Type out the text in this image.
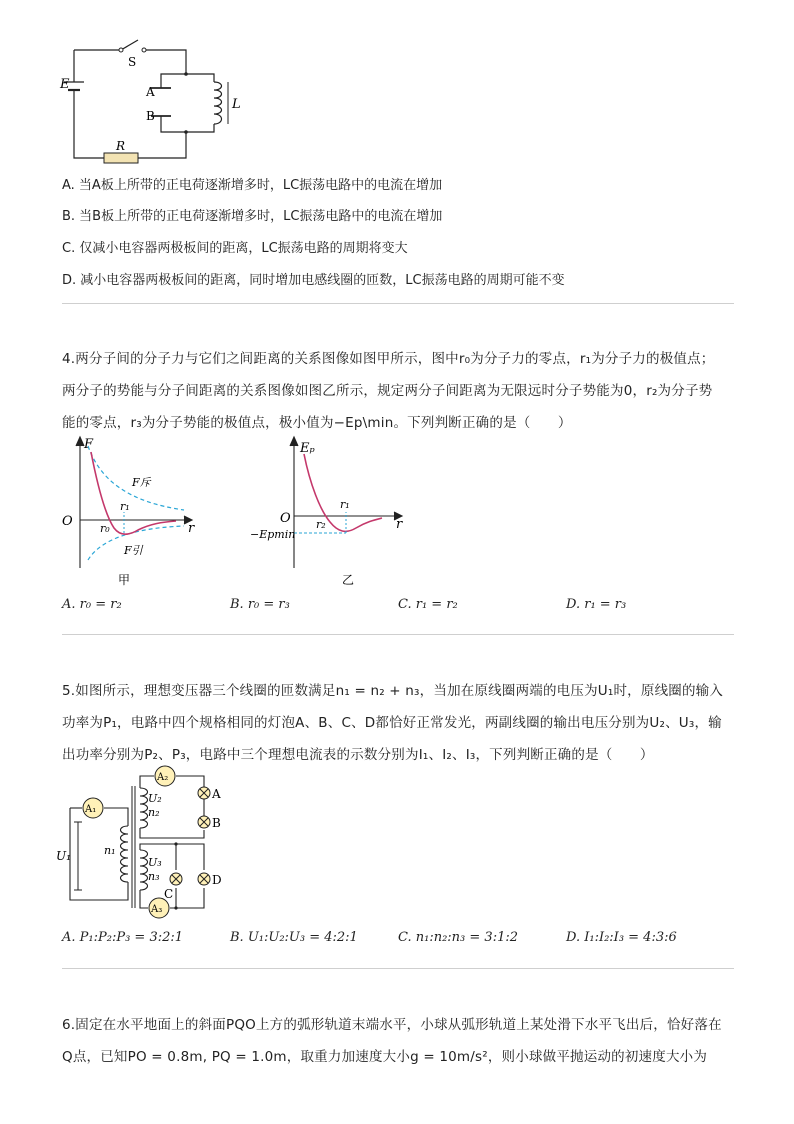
E
S
A
B
L
R
A. 当A板上所带的正电荷逐渐增多时，LC振荡电路中的电流在增加
B. 当B板上所带的正电荷逐渐增多时，LC振荡电路中的电流在增加
C. 仅减小电容器两极板间的距离，LC振荡电路的周期将变大
D. 减小电容器两极板间的距离，同时增加电感线圈的匝数，LC振荡电路的周期可能不变
4.两分子间的分子力与它们之间距离的关系图像如图甲所示，图中r₀为分子力的零点，r₁为分子力的极值点；
两分子的势能与分子间距离的关系图像如图乙所示，规定两分子间距离为无限远时分子势能为0，r₂为分子势
能的零点，r₃为分子势能的极值点，极小值为−Ep\min。下列判断正确的是（　　）
F
O	r
r₀
r₁
F斥
F引
甲
Eₚ
O	r
r₁
r₂
−Epmin
乙
A. r₀ = r₂	B. r₀ = r₃	C. r₁ = r₂	D. r₁ = r₃
5.如图所示，理想变压器三个线圈的匝数满足n₁ = n₂ + n₃，当加在原线圈两端的电压为U₁时，原线圈的输入
功率为P₁，电路中四个规格相同的灯泡A、B、C、D都恰好正常发光，两副线圈的输出电压分别为U₂、U₃，输
出功率分别为P₂、P₃，电路中三个理想电流表的示数分别为I₁、I₂、I₃，下列判断正确的是（　　）
A₁
A₂
A₃
U₁	n₁
U₂
n₂
U₃
n₃
A
B
C
D
A. P₁:P₂:P₃ = 3:2:1	B. U₁:U₂:U₃ = 4:2:1	C. n₁:n₂:n₃ = 3:1:2	D. I₁:I₂:I₃ = 4:3:6
6.固定在水平地面上的斜面PQO上方的弧形轨道末端水平，小球从弧形轨道上某处滑下水平飞出后，恰好落在
Q点，已知PO = 0.8m, PQ = 1.0m，取重力加速度大小g = 10m/s²，则小球做平抛运动的初速度大小为
